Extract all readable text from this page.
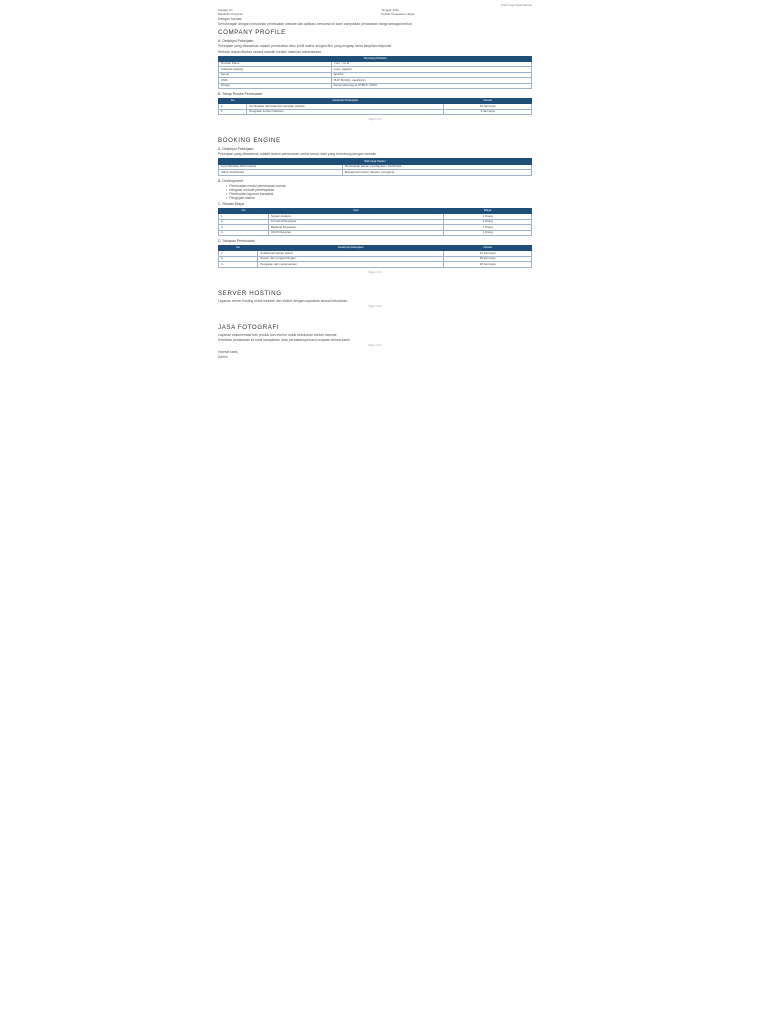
Draft Harga Paket Website
Kepada Yth
Bapak/Ibu Pimpinan
Tanggal: 2019
Perihal: Penawaran Harga

Dengan hormat,

Sehubungan dengan kebutuhan pembuatan website dan aplikasi, bersama ini kami sampaikan penawaran harga sebagai berikut.

COMPANY PROFILE
A. Deskripsi Pekerjaan

Pekerjaan yang ditawarkan adalah pembuatan situs profil usaha dengan fitur yang lengkap serta tampilan responsif.

Website dapat dikelola secara mandiri melalui halaman administrator.

Teknologi Website	
Domain Name	.com / .co.id
Software Hosting	Linux, Apache
Server	Apache
CMS	PHP, MySQL, JavaScript
Design	Responsive layout HTML5, CSS3
B. Tahap Proses Pembuatan
No	Deskripsi Pekerjaan	Durasi
1	Pembuatan tata letak dan tampilan website	10 hari kerja
2	Pengisian konten halaman	3 hari kerja
Page 1 of 4
BOOKING ENGINE
A. Deskripsi Pekerjaan

Pekerjaan yang ditawarkan adalah sistem pemesanan online untuk hotel yang terhubung dengan website.

Teknologi Sistem	
Front Website (Web based)	Pemesanan kamar, pembayaran, konfirmasi
Admin Dashboard	Manajemen kamar, laporan, pengguna
B. Development
• Pembuatan modul pemesanan kamar
• Integrasi metode pembayaran
• Pembuatan laporan transaksi
• Pengujian sistem
C. Rincian Biaya
No	Item	Biaya
1	System Analyst	1 Orang
2	Frontend Developer	1 Orang
3	Backend Developer	1 Orang
4	UI/UX Designer	1 Orang
D. Tahapan Pembuatan
No	Deskripsi Pekerjaan	Durasi
1	Analisa kebutuhan sistem	10 hari kerja
2	Desain dan pengembangan	30 hari kerja
3	Pengujian dan implementasi	20 hari kerja
Page 2 of 4
SERVER HOSTING

Layanan server hosting untuk website dan sistem dengan kapasitas sesuai kebutuhan.

Page 3 of 4
JASA FOTOGRAFI

Layanan dokumentasi foto produk dan interior untuk kebutuhan konten website.

Demikian penawaran ini kami sampaikan, atas perhatiannya kami ucapkan terima kasih.

Page 4 of 4

Hormat kami,

Admin
